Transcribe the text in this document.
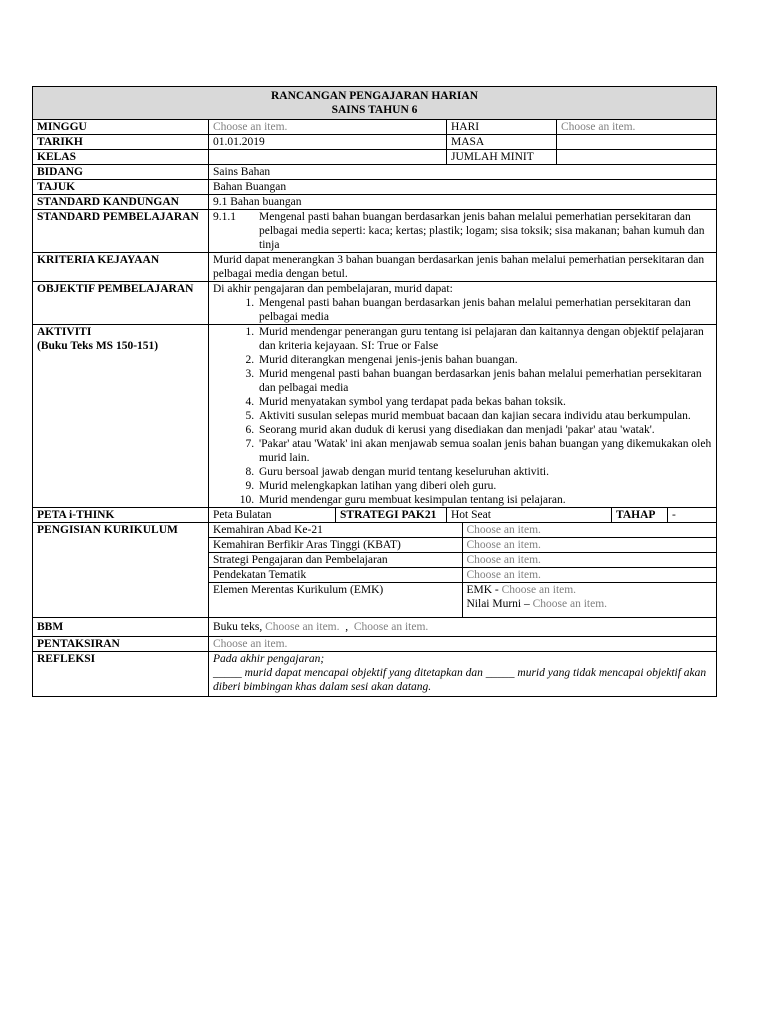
RANCANGAN PENGAJARAN HARIAN
SAINS TAHUN 6

MINGGU	Choose an item.	HARI	Choose an item.
TARIKH	01.01.2019	MASA	
KELAS		JUMLAH MINIT	
BIDANG	Sains Bahan
TAJUK	Bahan Buangan
STANDARD KANDUNGAN	9.1 Bahan buangan
STANDARD PEMBELAJARAN	9.1.1	Mengenal pasti bahan buangan berdasarkan jenis bahan melalui pemerhatian persekitaran dan pelbagai media seperti: kaca; kertas; plastik; logam; sisa toksik; sisa makanan; bahan kumuh dan tinja

KRITERIA KEJAYAAN	Murid dapat menerangkan 3 bahan buangan berdasarkan jenis bahan melalui pemerhatian persekitaran dan pelbagai media dengan betul.
OBJEKTIF PEMBELAJARAN	Di akhir pengajaran dan pembelajaran, murid dapat:
1. Mengenal pasti bahan buangan berdasarkan jenis bahan melalui pemerhatian persekitaran dan pelbagai media

AKTIVITI
(Buku Teks MS 150-151)

1. Murid mendengar penerangan guru tentang isi pelajaran dan kaitannya dengan objektif pelajaran dan kriteria kejayaan. SI: True or False
2. Murid diterangkan mengenai jenis-jenis bahan buangan.
3. Murid mengenal pasti bahan buangan berdasarkan jenis bahan melalui pemerhatian persekitaran dan pelbagai media
4. Murid menyatakan symbol yang terdapat pada bekas bahan toksik.
5. Aktiviti susulan selepas murid membuat bacaan dan kajian secara individu atau berkumpulan.
6. Seorang murid akan duduk di kerusi yang disediakan dan menjadi 'pakar' atau 'watak'.
7. 'Pakar' atau 'Watak' ini akan menjawab semua soalan jenis bahan buangan yang dikemukakan oleh murid lain.
8. Guru bersoal jawab dengan murid tentang keseluruhan aktiviti.
9. Murid melengkapkan latihan yang diberi oleh guru.
10. Murid mendengar guru membuat kesimpulan tentang isi pelajaran.

PETA i-THINK	Peta Bulatan	STRATEGI PAK21	Hot Seat	TAHAP	-

PENGISIAN KURIKULUM		Kemahiran Abad Ke-21	Choose an item.
Kemahiran Berfikir Aras Tinggi (KBAT)	Choose an item.
Strategi Pengajaran dan Pembelajaran	Choose an item.
Pendekatan Tematik	Choose an item.
Elemen Merentas Kurikulum (EMK)	EMK - Choose an item.
Nilai Murni – Choose an item.

BBM	Buku teks, Choose an item. , Choose an item.
PENTAKSIRAN	Choose an item.
REFLEKSI	Pada akhir pengajaran;
_____ murid dapat mencapai objektif yang ditetapkan dan _____ murid yang tidak mencapai objektif akan diberi bimbingan khas dalam sesi akan datang.
